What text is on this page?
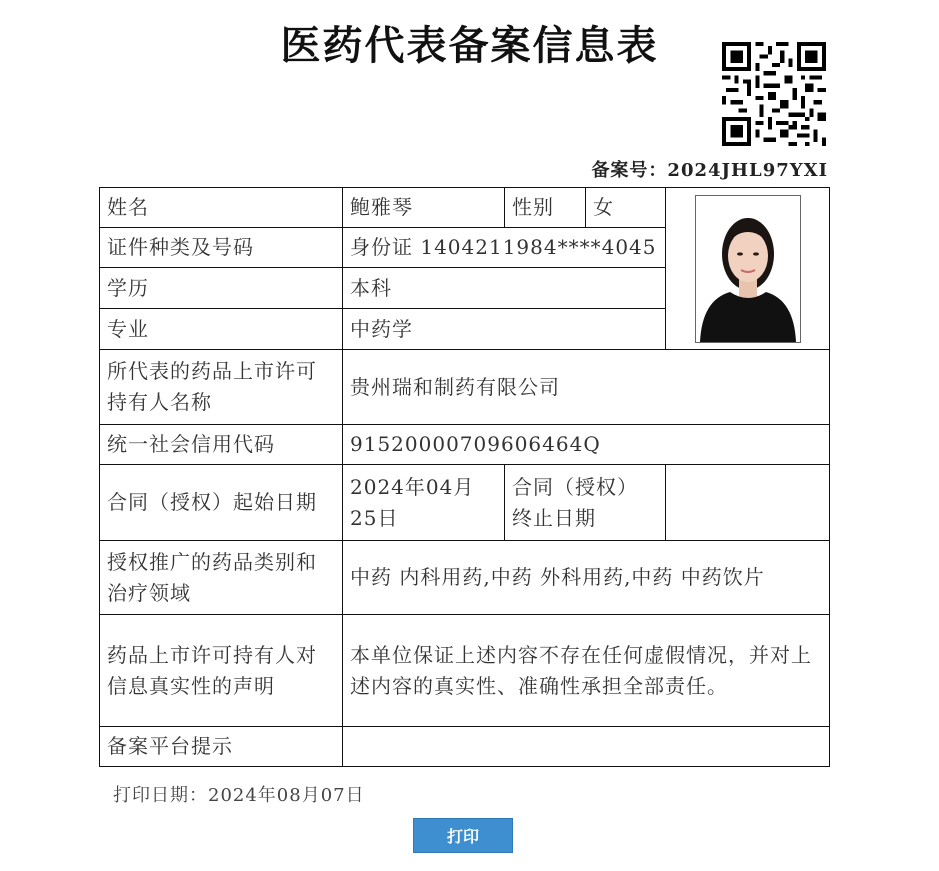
医药代表备案信息表
备案号：2024JHL97YXI
姓名	鲍雅琴	性别	女	

证件种类及号码	身份证 1404211984****4045			
学历	本科			
专业	中药学			
所代表的药品上市许可持有人名称	贵州瑞和制药有限公司			
统一社会信用代码	91520000709606464Q			
合同（授权）起始日期	2024年04月25日	合同（授权）终止日期		
授权推广的药品类别和治疗领域	中药 内科用药,中药 外科用药,中药 中药饮片			
药品上市许可持有人对信息真实性的声明	本单位保证上述内容不存在任何虚假情况，并对上述内容的真实性、准确性承担全部责任。			
备案平台提示				
打印日期：2024年08月07日
打印
